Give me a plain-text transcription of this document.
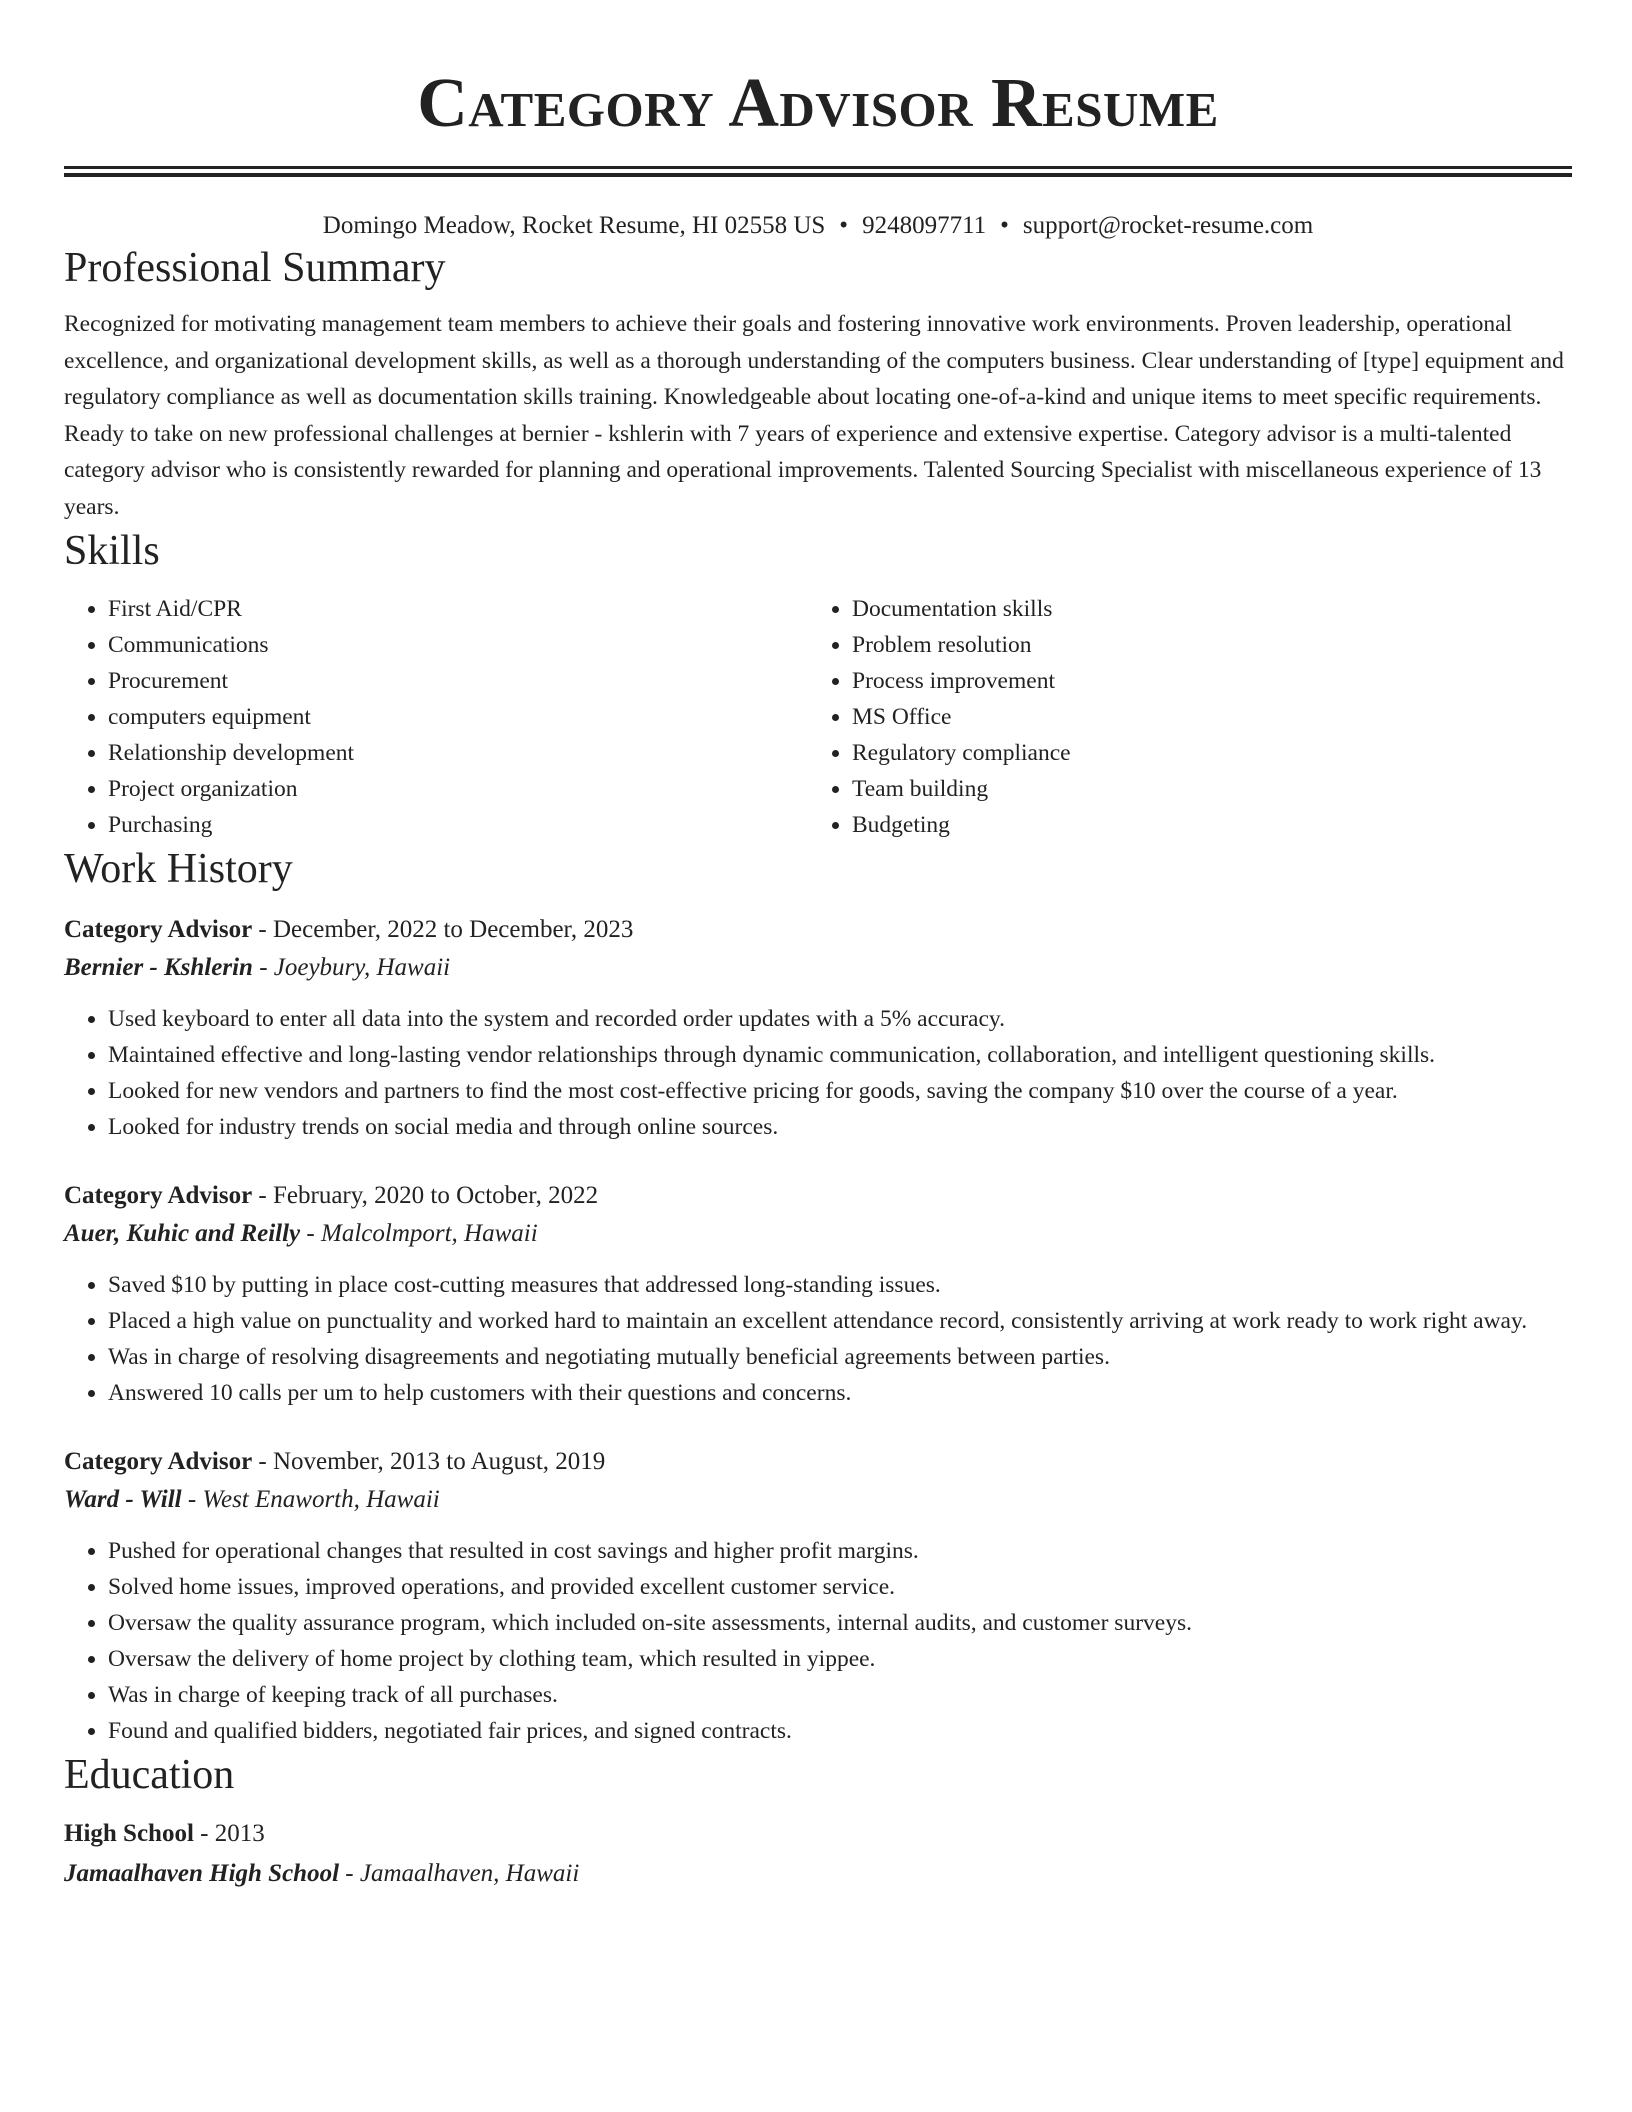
Category Advisor Resume
Domingo Meadow, Rocket Resume, HI 02558 US • 9248097711 • support@rocket-resume.com
Professional Summary

Recognized for motivating management team members to achieve their goals and fostering innovative work environments. Proven leadership, operational excellence, and organizational development skills, as well as a thorough understanding of the computers business. Clear understanding of [type] equipment and regulatory compliance as well as documentation skills training. Knowledgeable about locating one-of-a-kind and unique items to meet specific requirements. Ready to take on new professional challenges at bernier - kshlerin with 7 years of experience and extensive expertise. Category advisor is a multi-talented category advisor who is consistently rewarded for planning and operational improvements. Talented Sourcing Specialist with miscellaneous experience of 13 years.

Skills
• First Aid/CPR
• Communications
• Procurement
• computers equipment
• Relationship development
• Project organization
• Purchasing
• Documentation skills
• Problem resolution
• Process improvement
• MS Office
• Regulatory compliance
• Team building
• Budgeting
Work History
Category Advisor - December, 2022 to December, 2023
Bernier - Kshlerin - Joeybury, Hawaii
• Used keyboard to enter all data into the system and recorded order updates with a 5% accuracy.
• Maintained effective and long-lasting vendor relationships through dynamic communication, collaboration, and intelligent questioning skills.
• Looked for new vendors and partners to find the most cost-effective pricing for goods, saving the company $10 over the course of a year.
• Looked for industry trends on social media and through online sources.
Category Advisor - February, 2020 to October, 2022
Auer, Kuhic and Reilly - Malcolmport, Hawaii
• Saved $10 by putting in place cost-cutting measures that addressed long-standing issues.
• Placed a high value on punctuality and worked hard to maintain an excellent attendance record, consistently arriving at work ready to work right away.
• Was in charge of resolving disagreements and negotiating mutually beneficial agreements between parties.
• Answered 10 calls per um to help customers with their questions and concerns.
Category Advisor - November, 2013 to August, 2019
Ward - Will - West Enaworth, Hawaii
• Pushed for operational changes that resulted in cost savings and higher profit margins.
• Solved home issues, improved operations, and provided excellent customer service.
• Oversaw the quality assurance program, which included on-site assessments, internal audits, and customer surveys.
• Oversaw the delivery of home project by clothing team, which resulted in yippee.
• Was in charge of keeping track of all purchases.
• Found and qualified bidders, negotiated fair prices, and signed contracts.
Education
High School - 2013
Jamaalhaven High School - Jamaalhaven, Hawaii
